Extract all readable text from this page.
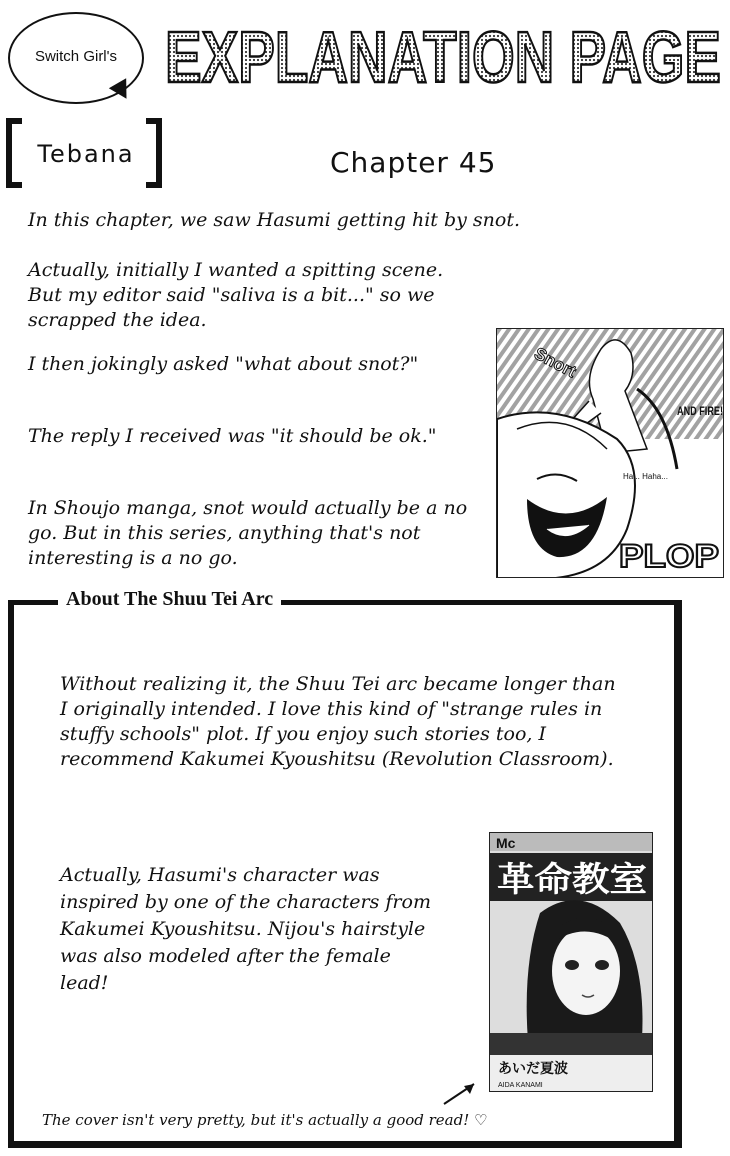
Switch Girl's EXPLANATION PAGE
Tebana	Chapter 45

In this chapter, we saw Hasumi getting hit by snot.

Actually, initially I wanted a spitting scene. But my editor said "saliva is a bit..." so we scrapped the idea.

I then jokingly asked "what about snot?"

The reply I received was "it should be ok."

In Shoujo manga, snot would actually be a no go. But in this series, anything that's not interesting is a no go.

Snort
AND FIRE!
Ha... Haha...
PLOP
About The Shuu Tei Arc

Without realizing it, the Shuu Tei arc became longer than I originally intended. I love this kind of "strange rules in stuffy schools" plot. If you enjoy such stories too, I recommend Kakumei Kyoushitsu (Revolution Classroom).

Actually, Hasumi's character was inspired by one of the characters from Kakumei Kyoushitsu. Nijou's hairstyle was also modeled after the female lead!

Mc
革命教室
あいだ夏波
AIDA KANAMI
The cover isn't very pretty, but it's actually a good read! ♡
